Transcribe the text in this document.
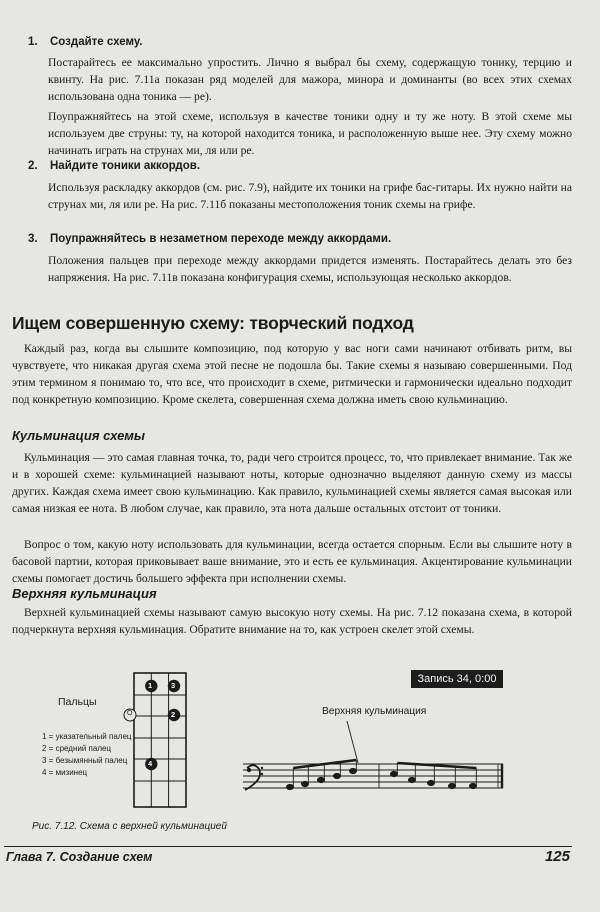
1. Создайте схему.

Постарайтесь ее максимально упростить. Лично я выбрал бы схему, содержащую тонику, терцию и квинту. На рис. 7.11а показан ряд моделей для мажора, минора и доминанты (во всех этих схемах использована одна тоника — ре).

Поупражняйтесь на этой схеме, используя в качестве тоники одну и ту же ноту. В этой схеме мы используем две струны: ту, на которой находится тоника, и расположенную выше нее. Эту схему можно начинать играть на струнах ми, ля или ре.

2. Найдите тоники аккордов.

Используя раскладку аккордов (см. рис. 7.9), найдите их тоники на грифе бас-гитары. Их нужно найти на струнах ми, ля или ре. На рис. 7.11б показаны местоположения тоник схемы на грифе.

3. Поупражняйтесь в незаметном переходе между аккордами.

Положения пальцев при переходе между аккордами придется изменять. Постарайтесь делать это без напряжения. На рис. 7.11в показана конфигурация схемы, использующая несколько аккордов.

Ищем совершенную схему: творческий подход

Каждый раз, когда вы слышите композицию, под которую у вас ноги сами начинают отбивать ритм, вы чувствуете, что никакая другая схема этой песне не подошла бы. Такие схемы я называю совершенными. Под этим термином я понимаю то, что все, что происходит в схеме, ритмически и гармонически идеально подходит под конкретную композицию. Кроме скелета, совершенная схема должна иметь свою кульминацию.

Кульминация схемы

Кульминация — это самая главная точка, то, ради чего строится процесс, то, что привлекает внимание. Так же и в хорошей схеме: кульминацией называют ноты, которые однозначно выделяют данную схему из массы других. Каждая схема имеет свою кульминацию. Как правило, кульминацией схемы является самая высокая или самая низкая ее нота. В любом случае, как правило, эта нота дальше остальных отстоит от тоники.

Вопрос о том, какую ноту использовать для кульминации, всегда остается спорным. Если вы слышите ноту в басовой партии, которая приковывает ваше внимание, это и есть ее кульминация. Акцентирование кульминации схемы помогает достичь большего эффекта при исполнении схемы.

Верхняя кульминация

Верхней кульминацией схемы называют самую высокую ноту схемы. На рис. 7.12 показана схема, в которой подчеркнута верхняя кульминация. Обратите внимание на то, как устроен скелет этой схемы.

Пальцы
1 = указательный палец
2 = средний палец
3 = безымянный палец
4 = мизинец
1	3
2
4
O
Запись 34, 0:00
Верхняя кульминация
Рис. 7.12. Схема с верхней кульминацией
Глава 7. Создание схем	125
